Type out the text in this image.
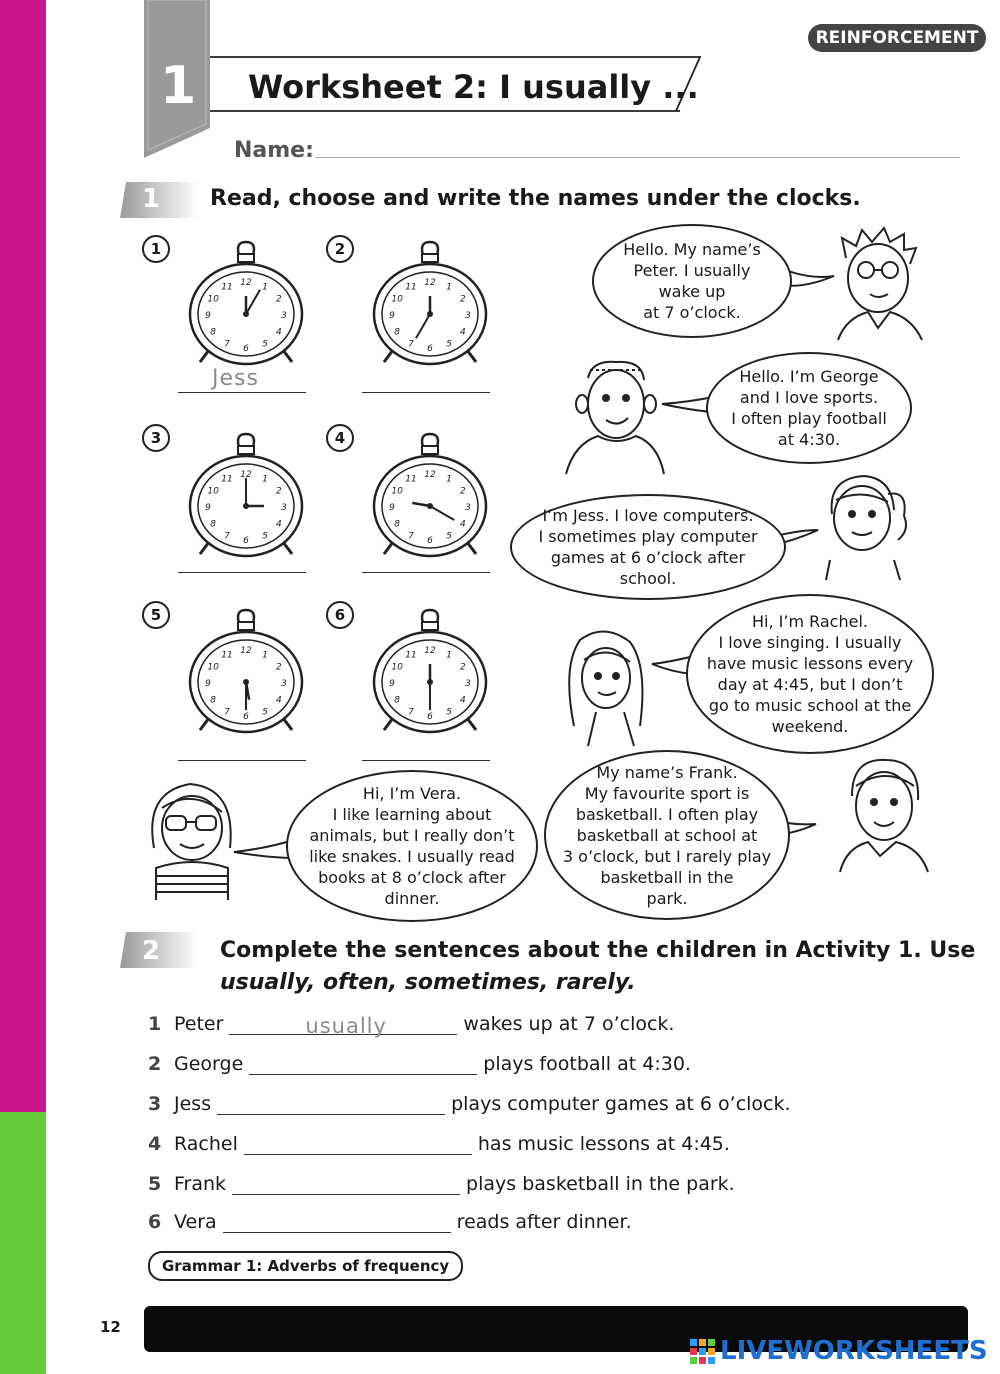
1 Worksheet 2: I usually ...
REINFORCEMENT
Name:
1 Read, choose and write the names under the clocks.
1
2
3
4
5
6
7
8
9
10
11 12	1
2
3
4
5
6
7
8
9
10
11 12
1
2
3
4
5
6
7
8
9
10
11 12	1
2
3
4
5
6
7
8
9
10
11 12
1
2
3
4
5
6
7
8
9
10
11 12	1
2
3
4
5
6
7
8
9
10
11 12
1	2
3	4
5	6
Jess
Hello. My name’s
Peter. I usually
wake up
at 7 o’clock.
Hello. I’m George
and I love sports.
I often play football
at 4:30.
I’m Jess. I love computers.
I sometimes play computer
games at 6 o’clock after
school.
Hi, I’m Rachel.
I love singing. I usually
have music lessons every
day at 4:45, but I don’t
go to music school at the
weekend.
Hi, I’m Vera.
I like learning about
animals, but I really don’t
like snakes. I usually read
books at 8 o’clock after
dinner.
My name’s Frank.
My favourite sport is
basketball. I often play
basketball at school at
3 o’clock, but I rarely play
basketball in the
park.
2	Complete the sentences about the children in Activity 1. Use
usually, often, sometimes, rarely.
1 Peter	usually	wakes up at 7 o’clock.
2 George	plays football at 4:30.
3 Jess	plays computer games at 6 o’clock.
4 Rachel	has music lessons at 4:45.
5 Frank	plays basketball in the park.
6 Vera	reads after dinner.
Grammar 1: Adverbs of frequency
12
LIVEWORKSHEETS
